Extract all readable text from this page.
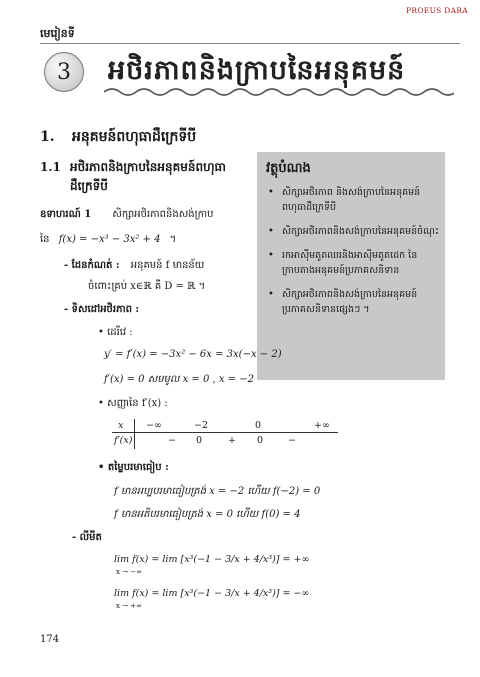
PROEUS DARA
មេរៀនទី
3 អថិរភាពនិងក្រាបនៃអនុគមន៍
1. អនុគមន៍ពហុធាដឺក្រេទីបី
1.1 អថិរភាពនិងក្រាបនៃអនុគមន៍ពហុធា
ដឺក្រេទីបី
វត្ថុបំណង
• សិក្សាអថិរភាព និងសង់ក្រាបនៃអនុគមន៍ពហុធាដឺក្រេទីបី
• សិក្សាអថិរភាពនិងសង់ក្រាបនៃអនុគមន៍ចំណុះ
• រកអាស៊ីមតូតឈរនិងអាស៊ីមតូតដេក នៃក្រាបតាងអនុគមន៍ប្រភាគសនិទាន
• សិក្សាអថិរភាពនិងសង់ក្រាបនៃអនុគមន៍ប្រភាគសនិទានផ្សេងៗ ។
ឧទាហរណ៍ 1 សិក្សាអថិរភាពនិងសង់ក្រាប
នៃ f(x) = −x³ − 3x² + 4 ។
- ដែនកំណត់ : អនុគមន៍ f មានន័យ
ចំពោះគ្រប់ x∈ℝ គឺ D = ℝ ។
- ទិសដៅអថិរភាព :
• ដេរីវេ :
y′ = f′(x) = −3x² − 6x = 3x(−x − 2)
f′(x) = 0 សមមូល x = 0 , x = −2
• សញ្ញានៃ f′(x) :
x −∞	−2	0	+∞
f′(x)	− 0	+ 0	−
• តម្លៃបរមាធៀប :
f មានអប្បបរមាធៀបត្រង់ x = −2 ហើយ f(−2) = 0
f មានអតិបរមាធៀបត្រង់ x = 0 ហើយ f(0) = 4
- លីមីត
lim f(x) = lim [x³(−1 − 3/x + 4/x³)] = +∞
x → −∞
lim f(x) = lim [x³(−1 − 3/x + 4/x³)] = −∞
x → +∞
174
